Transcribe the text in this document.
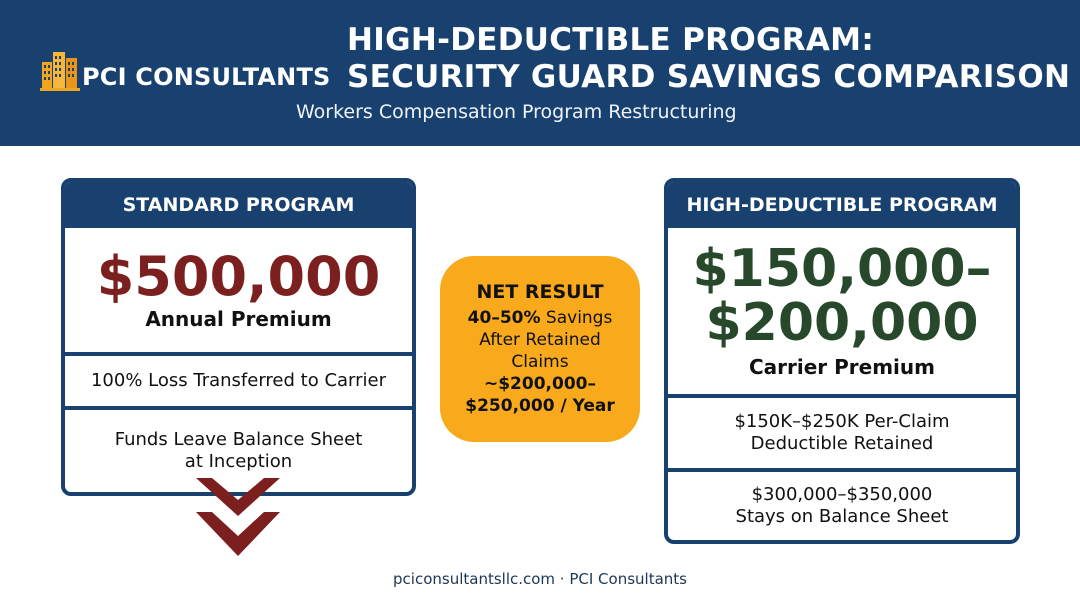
PCI CONSULTANTS
HIGH-DEDUCTIBLE PROGRAM:
SECURITY GUARD SAVINGS COMPARISON
Workers Compensation Program Restructuring
STANDARD PROGRAM
$500,000
Annual Premium
100% Loss Transferred to Carrier
Funds Leave Balance Sheet
at Inception
NET RESULT
40–50% Savings
After Retained
Claims
~$200,000–
$250,000 / Year
HIGH-DEDUCTIBLE PROGRAM
$150,000–
$200,000
Carrier Premium
$150K–$250K Per-Claim
Deductible Retained
$300,000–$350,000
Stays on Balance Sheet
pciconsultantsllc.com · PCI Consultants
